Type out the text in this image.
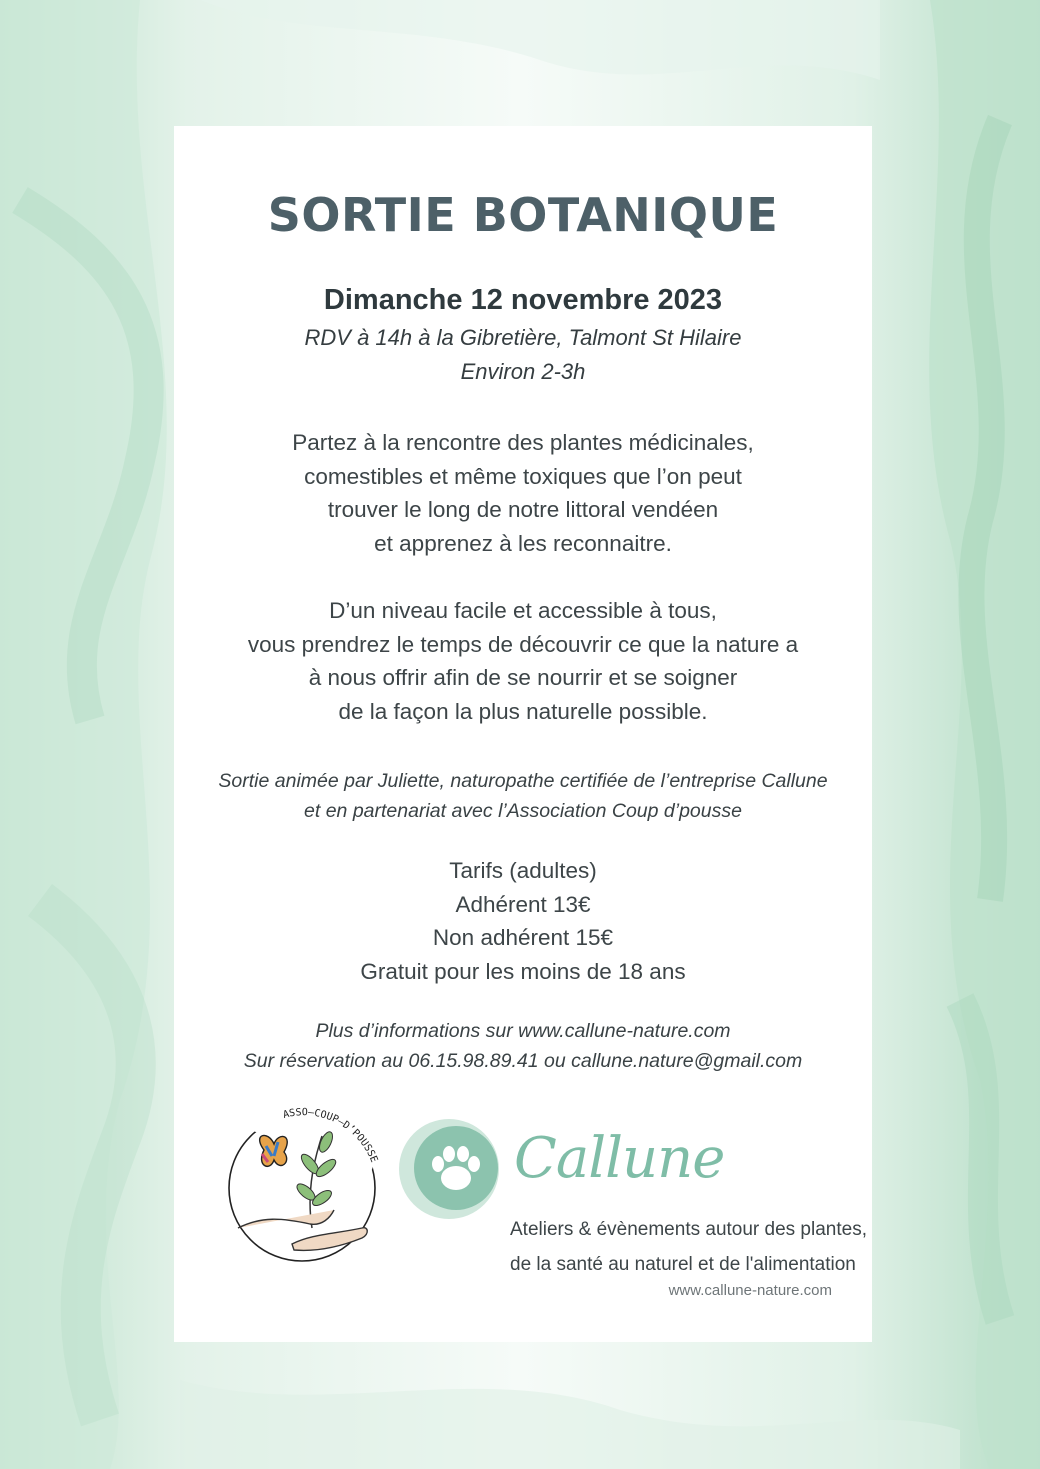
SORTIE BOTANIQUE
Dimanche 12 novembre 2023
RDV à 14h à la Gibretière, Talmont St Hilaire
Environ 2-3h
Partez à la rencontre des plantes médicinales,
comestibles et même toxiques que l’on peut
trouver le long de notre littoral vendéen
et apprenez à les reconnaitre.
D’un niveau facile et accessible à tous,
vous prendrez le temps de découvrir ce que la nature a
à nous offrir afin de se nourrir et se soigner
de la façon la plus naturelle possible.
Sortie animée par Juliette, naturopathe certifiée de l’entreprise Callune
et en partenariat avec l’Association Coup d’pousse
Tarifs (adultes)
Adhérent 13€
Non adhérent 15€
Gratuit pour les moins de 18 ans
Plus d’informations sur www.callune-nature.com
Sur réservation au 06.15.98.89.41 ou callune.nature@gmail.com
ASSO—COUP—D’POUSSE Callune
Ateliers & évènements autour des plantes,
de la santé au naturel et de l'alimentation
www.callune-nature.com
